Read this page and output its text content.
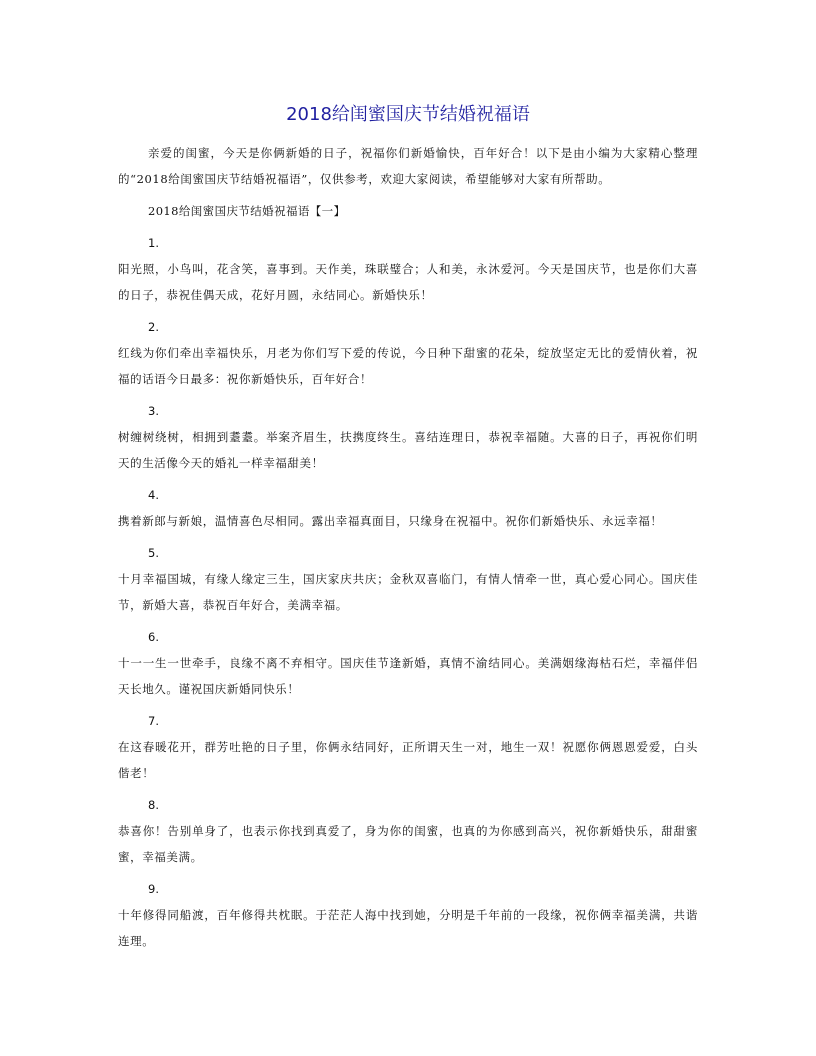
2018给闺蜜国庆节结婚祝福语

亲爱的闺蜜，今天是你俩新婚的日子，祝福你们新婚愉快，百年好合！以下是由小编为大家精心整理的“2018给闺蜜国庆节结婚祝福语”，仅供参考，欢迎大家阅读，希望能够对大家有所帮助。

2018给闺蜜国庆节结婚祝福语【一】

1.

阳光照，小鸟叫，花含笑，喜事到。天作美，珠联璧合；人和美，永沐爱河。今天是国庆节，也是你们大喜的日子，恭祝佳偶天成，花好月圆，永结同心。新婚快乐！

2.

红线为你们牵出幸福快乐，月老为你们写下爱的传说，今日种下甜蜜的花朵，绽放坚定无比的爱情伙着，祝福的话语今日最多：祝你新婚快乐，百年好合！

3.

树缠树绕树，相拥到耋耋。举案齐眉生，扶携度终生。喜结连理日，恭祝幸福随。大喜的日子，再祝你们明天的生活像今天的婚礼一样幸福甜美！

4.

携着新郎与新娘，温情喜色尽相同。露出幸福真面目，只缘身在祝福中。祝你们新婚快乐、永远幸福！

5.

十月幸福国城，有缘人缘定三生，国庆家庆共庆；金秋双喜临门，有情人情牵一世，真心爱心同心。国庆佳节，新婚大喜，恭祝百年好合，美满幸福。

6.

十一一生一世牵手，良缘不离不弃相守。国庆佳节逢新婚，真情不渝结同心。美满姻缘海枯石烂，幸福伴侣天长地久。谨祝国庆新婚同快乐！

7.

在这春暖花开，群芳吐艳的日子里，你俩永结同好，正所谓天生一对，地生一双！祝愿你俩恩恩爱爱，白头偕老！

8.

恭喜你！告别单身了，也表示你找到真爱了，身为你的闺蜜，也真的为你感到高兴，祝你新婚快乐，甜甜蜜蜜，幸福美满。

9.

十年修得同船渡，百年修得共枕眠。于茫茫人海中找到她，分明是千年前的一段缘，祝你俩幸福美满，共谐连理。
